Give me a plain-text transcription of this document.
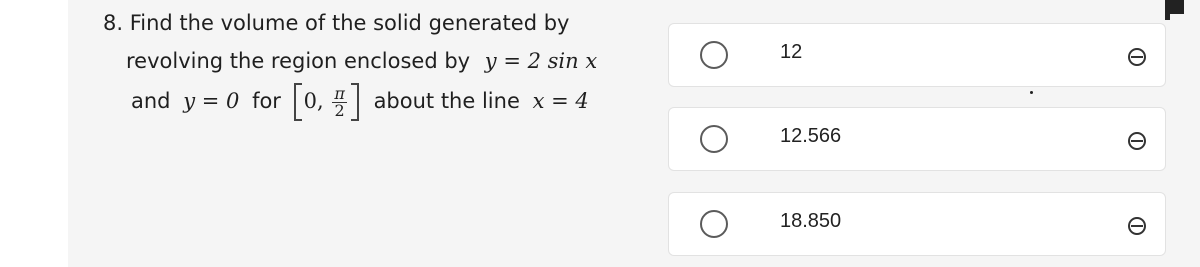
8. Find the volume of the solid generated by
revolving the region enclosed by y = 2 sin x
and y = 0 for 0, $\frac{\pi}{2}$ about the line x = 4
12
12.566
18.850
